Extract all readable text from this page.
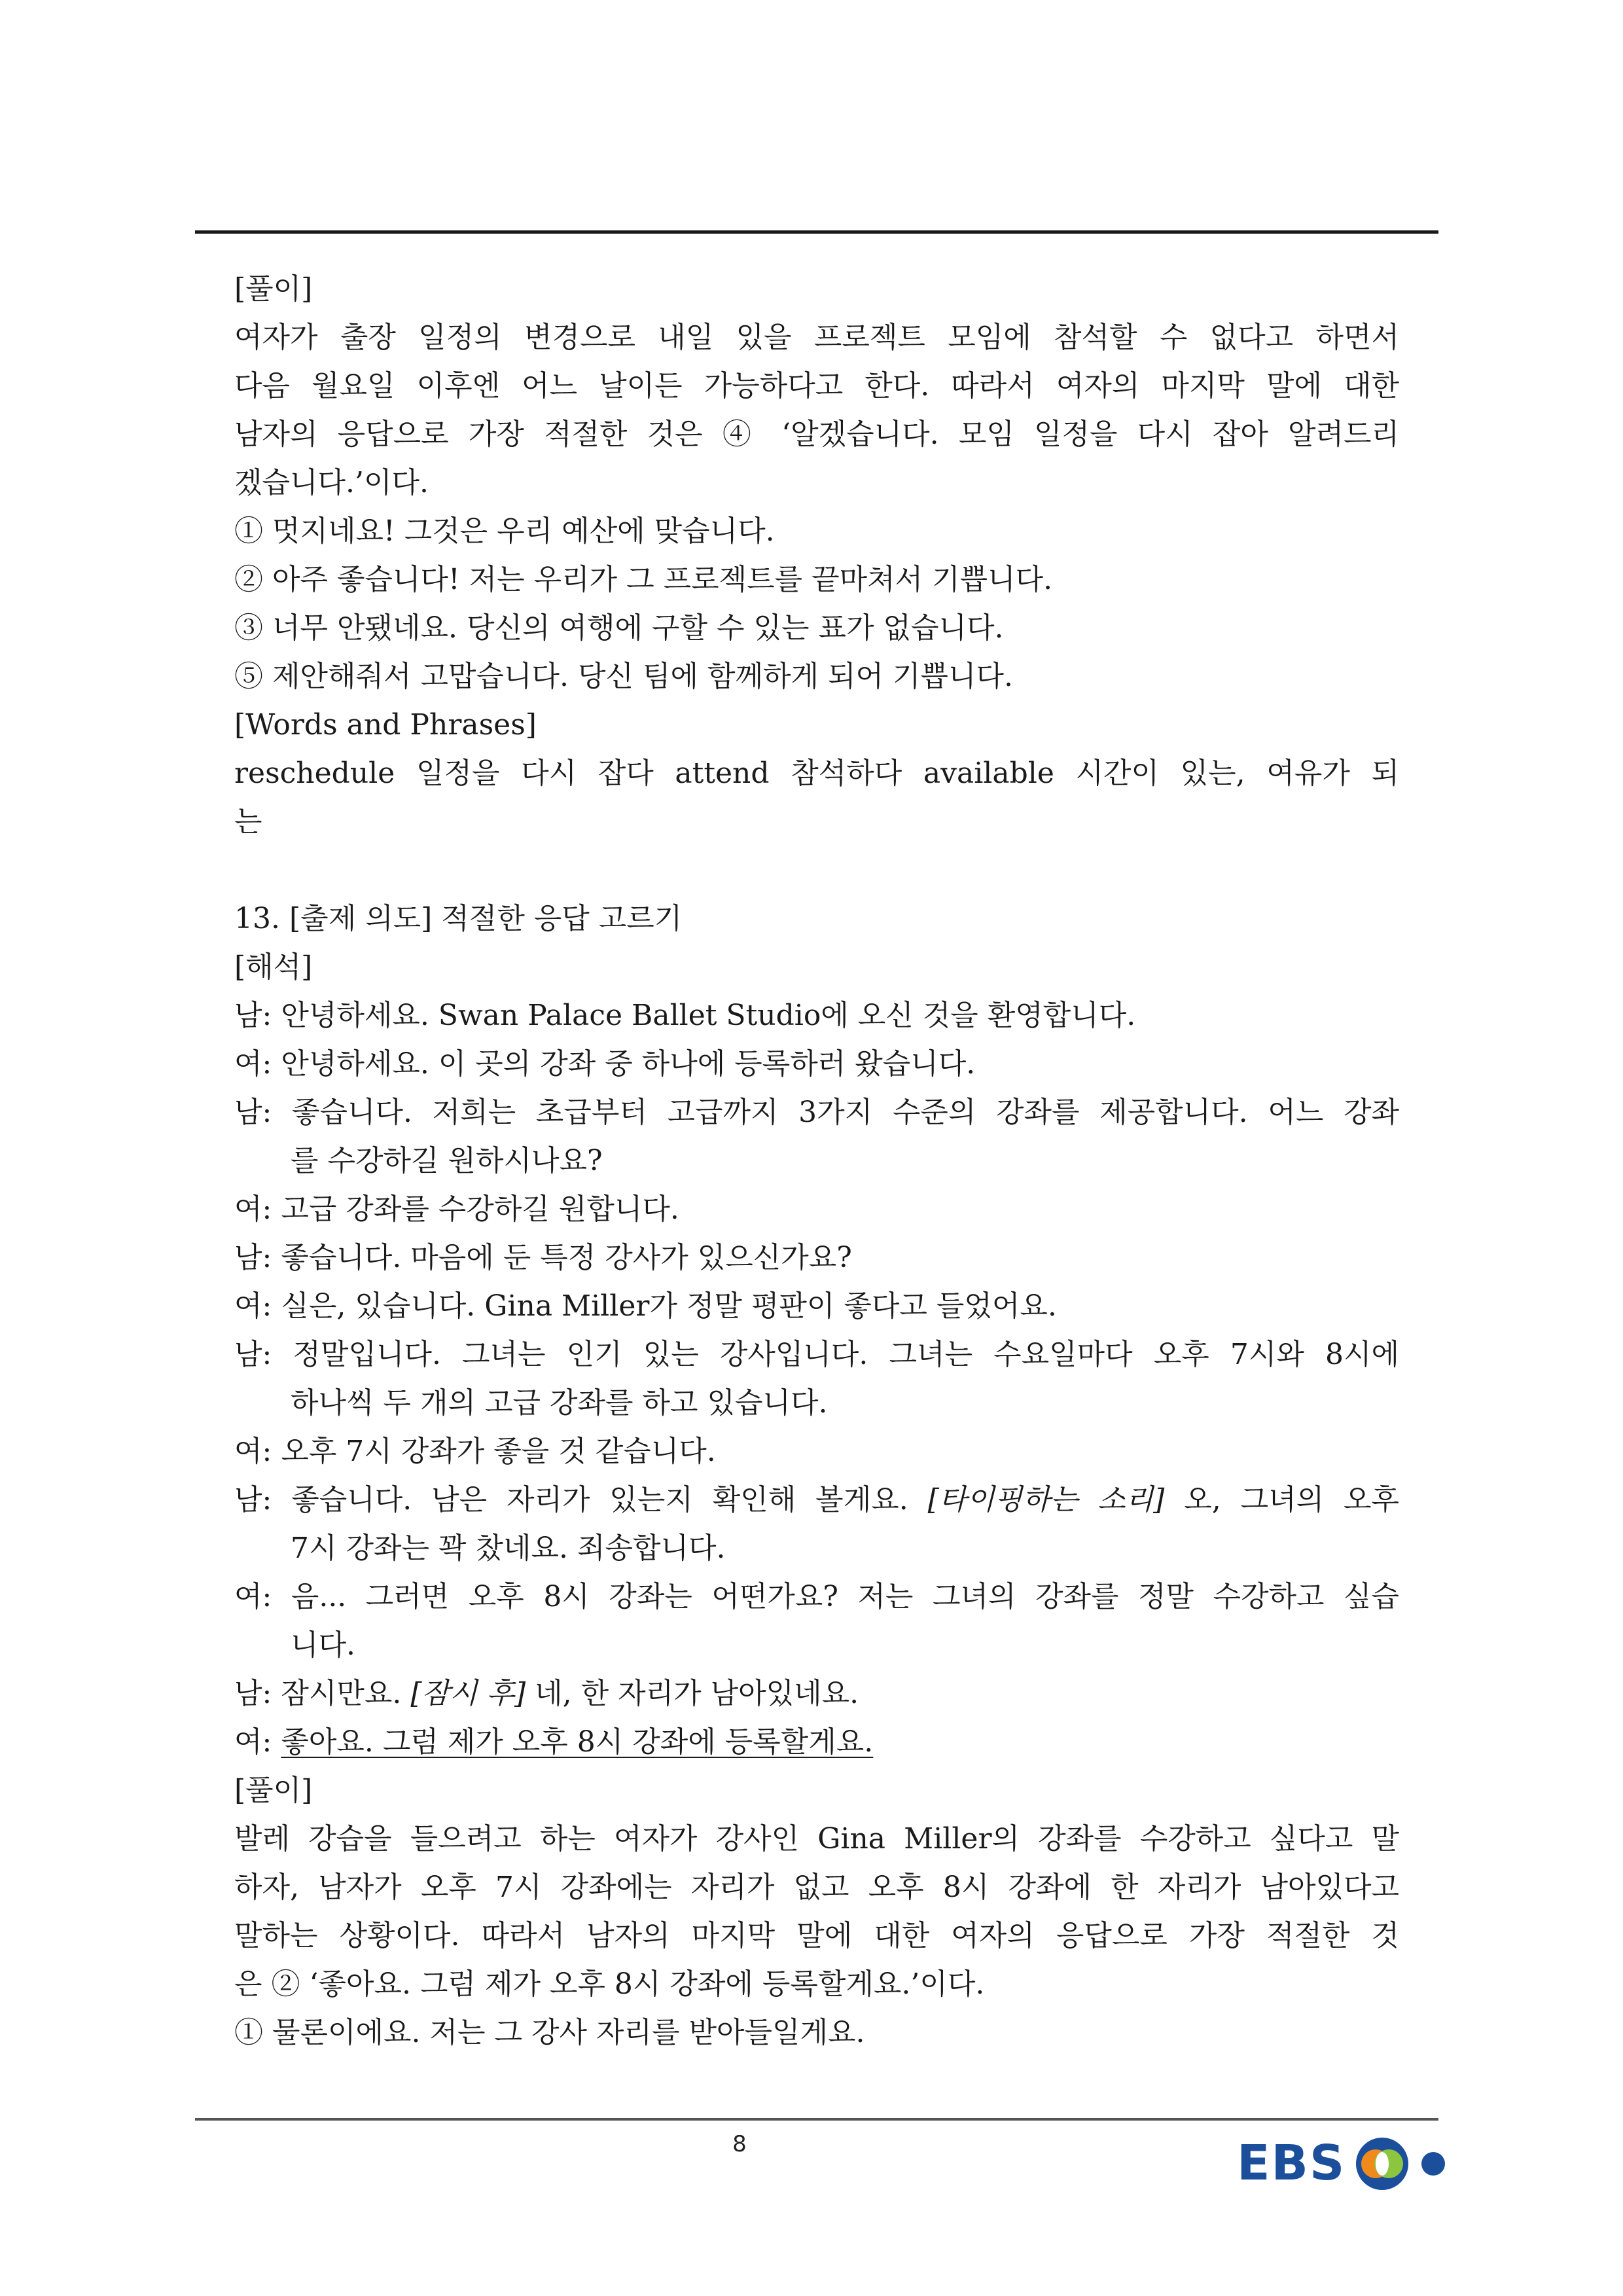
[풀이]
여자가 출장 일정의 변경으로 내일 있을 프로젝트 모임에 참석할 수 없다고 하면서
다음 월요일 이후엔 어느 날이든 가능하다고 한다. 따라서 여자의 마지막 말에 대한
남자의 응답으로 가장 적절한 것은 ④ ‘알겠습니다. 모임 일정을 다시 잡아 알려드리
겠습니다.’이다.
① 멋지네요! 그것은 우리 예산에 맞습니다.
② 아주 좋습니다! 저는 우리가 그 프로젝트를 끝마쳐서 기쁩니다.
③ 너무 안됐네요. 당신의 여행에 구할 수 있는 표가 없습니다.
⑤ 제안해줘서 고맙습니다. 당신 팀에 함께하게 되어 기쁩니다.
[Words and Phrases]
reschedule 일정을 다시 잡다 attend 참석하다 available 시간이 있는, 여유가 되
는
13. [출제 의도] 적절한 응답 고르기
[해석]
남: 안녕하세요. Swan Palace Ballet Studio에 오신 것을 환영합니다.
여: 안녕하세요. 이 곳의 강좌 중 하나에 등록하러 왔습니다.
남: 좋습니다. 저희는 초급부터 고급까지 3가지 수준의 강좌를 제공합니다. 어느 강좌
를 수강하길 원하시나요?
여: 고급 강좌를 수강하길 원합니다.
남: 좋습니다. 마음에 둔 특정 강사가 있으신가요?
여: 실은, 있습니다. Gina Miller가 정말 평판이 좋다고 들었어요.
남: 정말입니다. 그녀는 인기 있는 강사입니다. 그녀는 수요일마다 오후 7시와 8시에
하나씩 두 개의 고급 강좌를 하고 있습니다.
여: 오후 7시 강좌가 좋을 것 같습니다.
남: 좋습니다. 남은 자리가 있는지 확인해 볼게요. [타이핑하는 소리] 오, 그녀의 오후
7시 강좌는 꽉 찼네요. 죄송합니다.
여: 음... 그러면 오후 8시 강좌는 어떤가요? 저는 그녀의 강좌를 정말 수강하고 싶습
니다.
남: 잠시만요. [잠시 후] 네, 한 자리가 남아있네요.
여: 좋아요. 그럼 제가 오후 8시 강좌에 등록할게요.
[풀이]
발레 강습을 들으려고 하는 여자가 강사인 Gina Miller의 강좌를 수강하고 싶다고 말
하자, 남자가 오후 7시 강좌에는 자리가 없고 오후 8시 강좌에 한 자리가 남아있다고
말하는 상황이다. 따라서 남자의 마지막 말에 대한 여자의 응답으로 가장 적절한 것
은 ② ‘좋아요. 그럼 제가 오후 8시 강좌에 등록할게요.’이다.
① 물론이에요. 저는 그 강사 자리를 받아들일게요.
8	EBS
